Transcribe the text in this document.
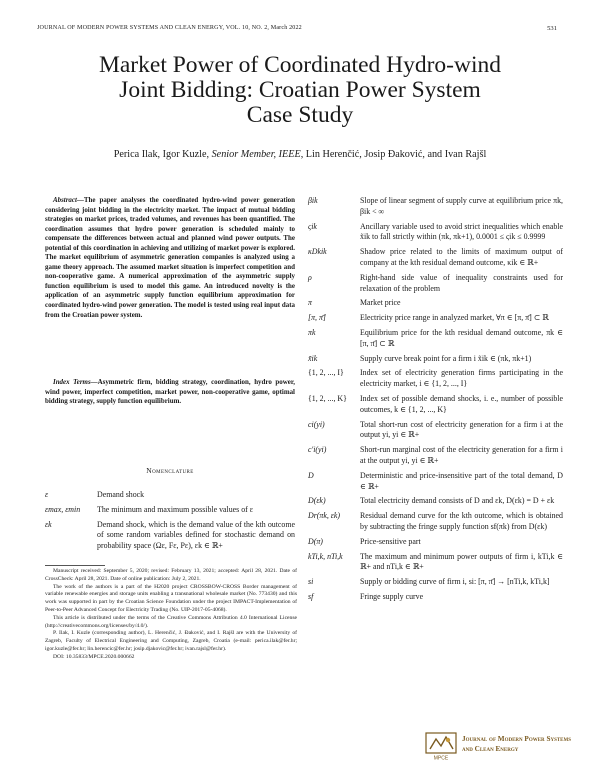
JOURNAL OF MODERN POWER SYSTEMS AND CLEAN ENERGY, VOL. 10, NO. 2, March 2022	531
Market Power of Coordinated Hydro-wind
Joint Bidding: Croatian Power System
Case Study
Perica Ilak, Igor Kuzle, Senior Member, IEEE, Lin Herenčić, Josip Đaković, and Ivan Rajšl
Abstract—The paper analyses the coordinated hydro-wind power generation considering joint bidding in the electricity market. The impact of mutual bidding strategies on market prices, traded volumes, and revenues has been quantified. The coordination assumes that hydro power generation is scheduled mainly to compensate the differences between actual and planned wind power outputs. The potential of this coordination in achieving and utilizing of market power is explored. The market equilibrium of asymmetric generation companies is analyzed using a game theory approach. The assumed market situation is imperfect competition and non-cooperative game. A numerical approximation of the asymmetric supply function equilibrium is used to model this game. An introduced novelty is the application of an asymmetric supply function equilibrium approximation for coordinated hydro-wind power generation. The model is tested using real input data from the Croatian power system.
Index Terms—Asymmetric firm, bidding strategy, coordination, hydro power, wind power, imperfect competition, market power, non-cooperative game, optimal bidding strategy, supply function equilibrium.
Nomenclature
ε	Demand shock
εmax, εmin	The minimum and maximum possible values of ε
εk	Demand shock, which is the demand value of the kth outcome of some random variables defined for stochastic demand on probability space (Ωε, Fε, Pε), εk ∈ ℝ+
Manuscript received: September 5, 2020; revised: February 13, 2021; accepted: April 28, 2021. Date of CrossCheck: April 28, 2021. Date of online publication: July 2, 2021.
The work of the authors is a part of the H2020 project CROSSBOW-CROSS Border management of variable renewable energies and storage units enabling a transnational wholesale market (No. 773430) and this work was supported in part by the Croatian Science Foundation under the project IMPACT-Implementation of Peer-to-Peer Advanced Concept for Electricity Trading (No. UIP-2017-05-4068).
This article is distributed under the terms of the Creative Commons Attribution 4.0 International License (http://creativecommons.org/licenses/by/4.0/).
P. Ilak, I. Kuzle (corresponding author), L. Herenčić, J. Đaković, and I. Rajšl are with the University of Zagreb, Faculty of Electrical Engineering and Computing, Zagreb, Croatia (e-mail: perica.ilak@fer.hr; igor.kuzle@fer.hr; lin.herencic@fer.hr; josip.djakovic@fer.hr; ivan.rajsl@fer.hr).
DOI: 10.35833/MPCE.2020.000662
βik	Slope of linear segment of supply curve at equilibrium price πk, βik < ∞
ςik	Ancillary variable used to avoid strict inequalities which enable x̃ik to fall strictly within (πk, πk+1), 0.0001 ≤ ςik ≤ 0.9999
κDkik	Shadow price related to the limits of maximum output of company at the kth residual demand outcome, κik ∈ ℝ+
ρ	Right-hand side value of inequality constraints used for relaxation of the problem
π	Market price
[π, π̄]	Electricity price range in analyzed market, ∀π ∈ [π, π̄] ⊂ ℝ
πk	Equilibrium price for the kth residual demand outcome, πk ∈ [π, π̄] ⊂ ℝ
x̃ik	Supply curve break point for a firm i x̃ik ∈ (πk, πk+1)
{1, 2, ..., I}	Index set of electricity generation firms participating in the electricity market, i ∈ {1, 2, ..., I}
{1, 2, ..., K}	Index set of possible demand shocks, i. e., number of possible outcomes, k ∈ {1, 2, ..., K}
ci(yi)	Total short-run cost of electricity generation for a firm i at the output yi, yi ∈ ℝ+
c′i(yi)	Short-run marginal cost of the electricity generation for a firm i at the output yi, yi ∈ ℝ+
D	Deterministic and price-insensitive part of the total demand, D ∈ ℝ+
D(εk)	Total electricity demand consists of D and εk, D(εk) = D + εk
Dr(πk, εk)	Residual demand curve for the kth outcome, which is obtained by subtracting the fringe supply function sf(πk) from D(εk)
D(π)	Price-sensitive part
kTi,k, nTi,k	The maximum and minimum power outputs of firm i, kTi,k ∈ ℝ+ and nTi,k ∈ ℝ+
si	Supply or bidding curve of firm i, si: [π, π̄] → [nTi,k, kTi,k]
sf	Fringe supply curve
MPCE
Journal of Modern Power Systems
and Clean Energy
